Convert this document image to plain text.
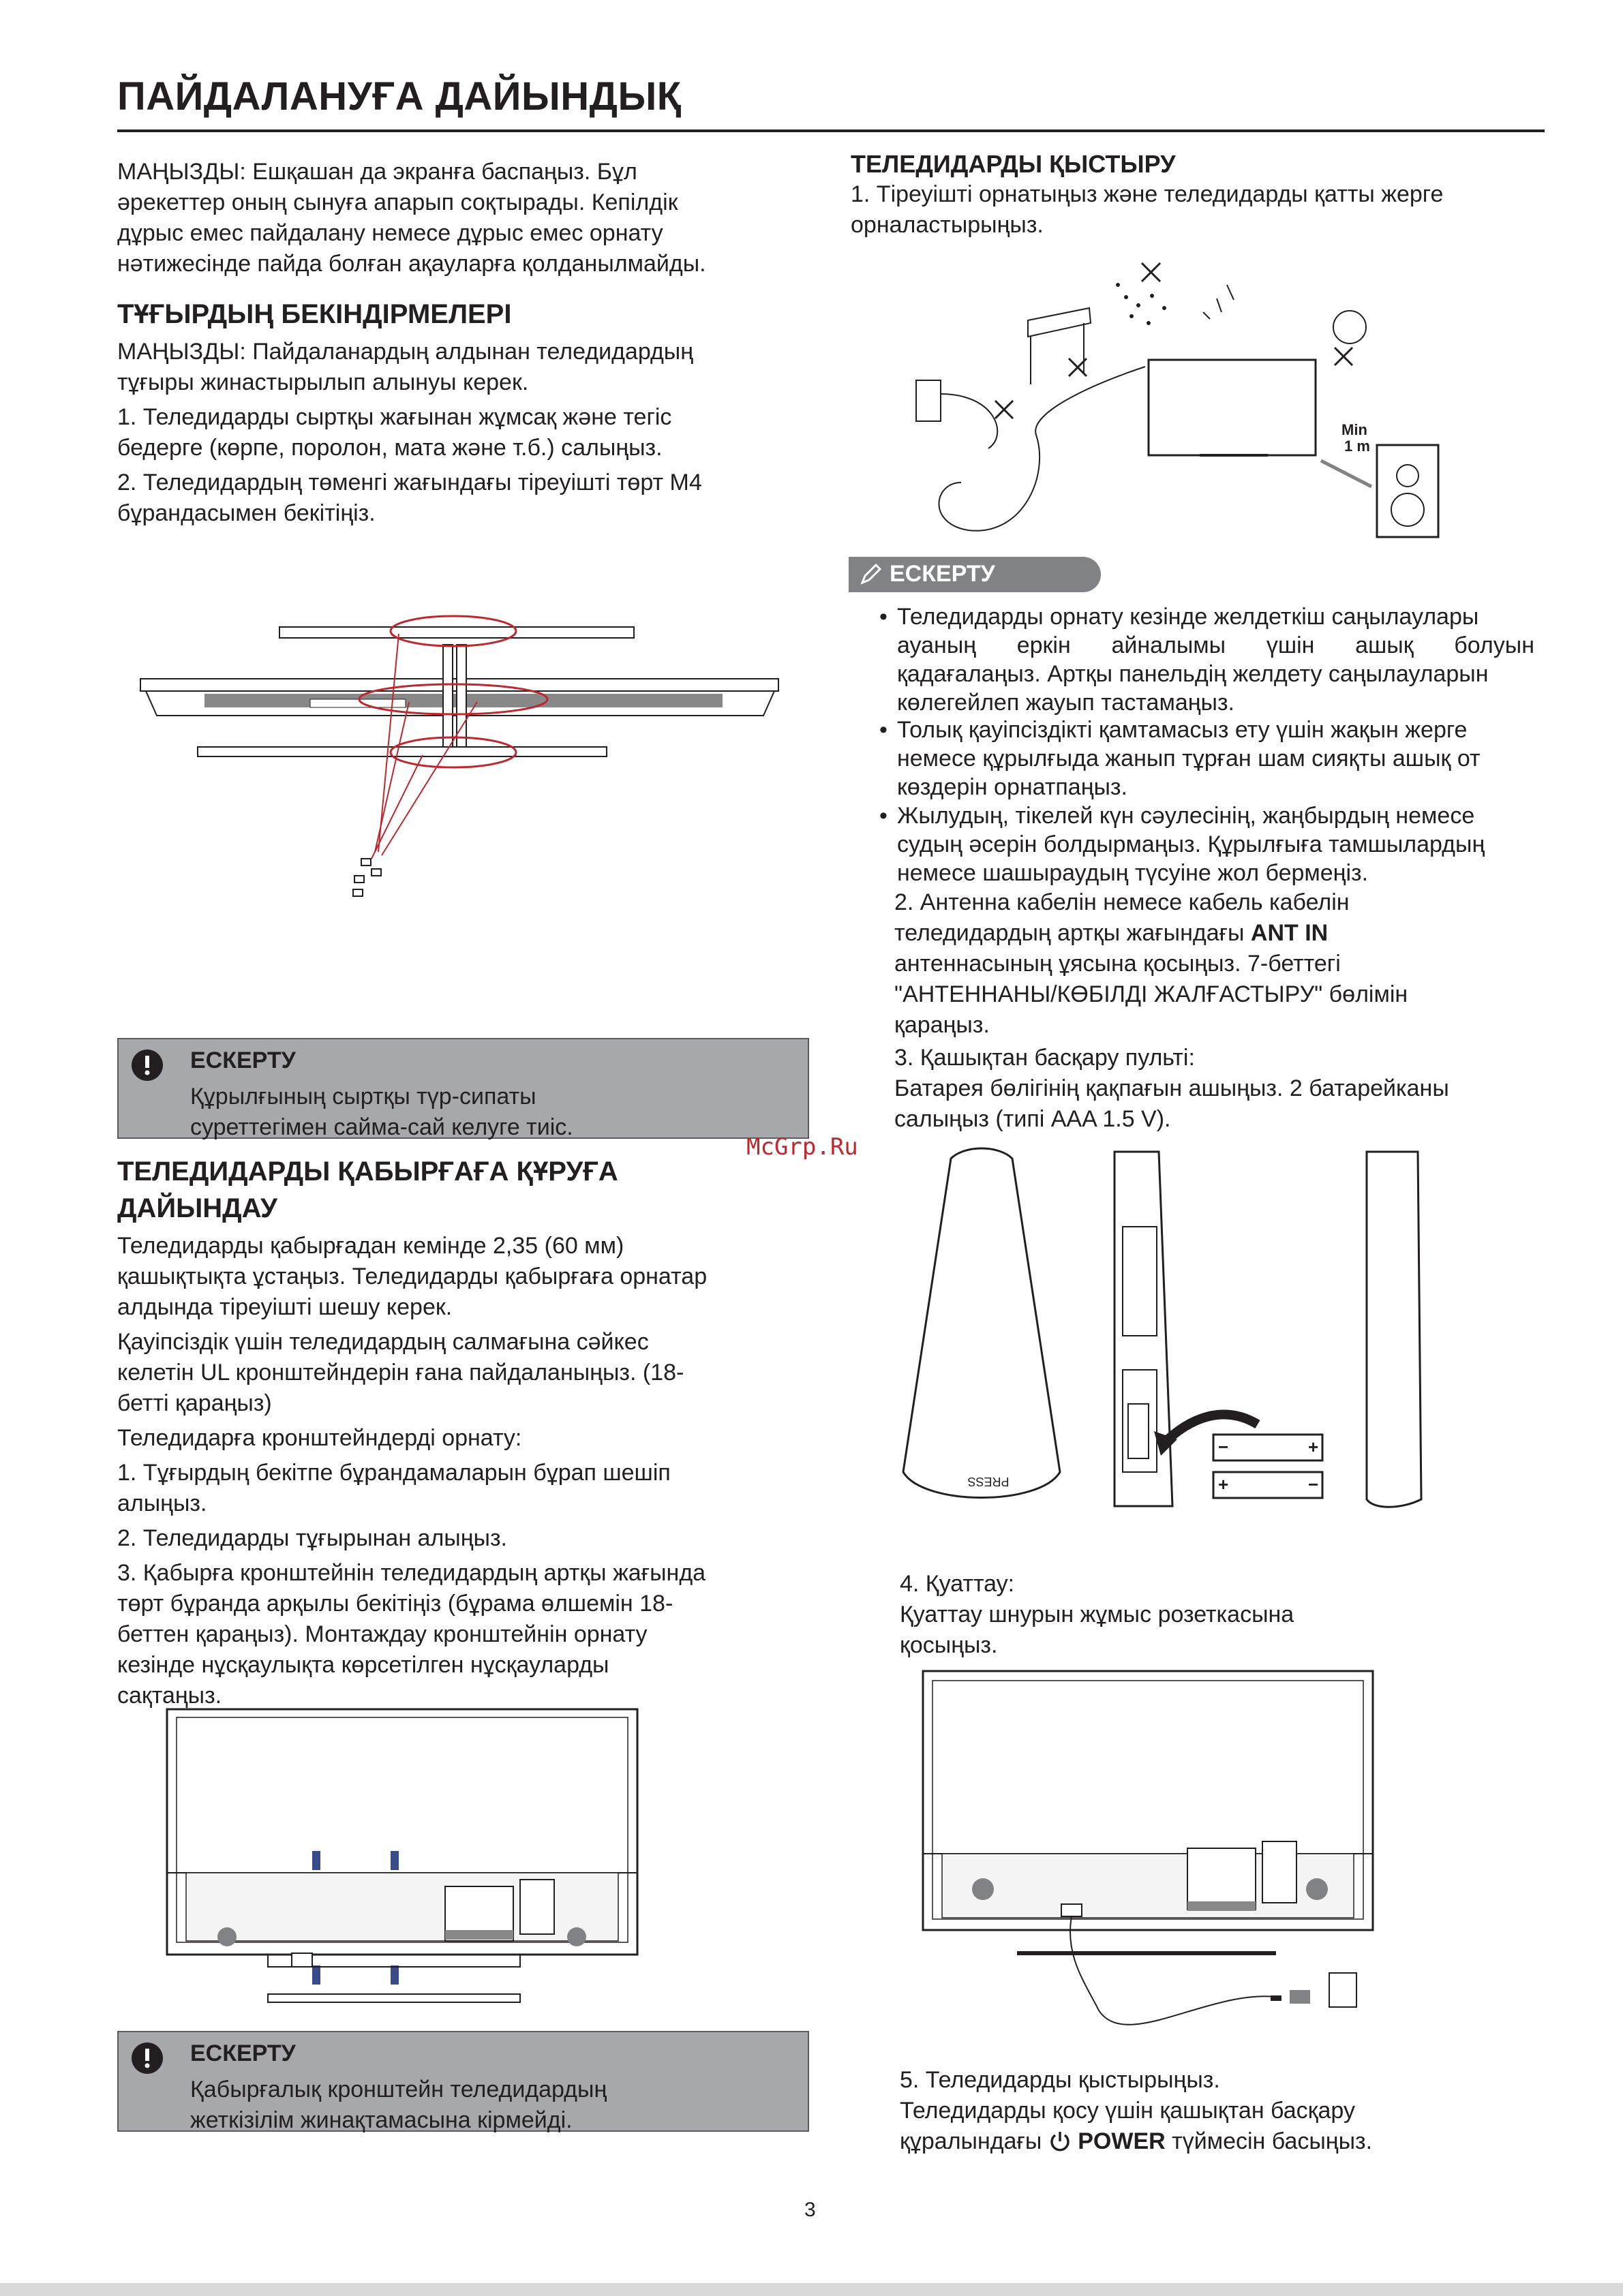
ПАЙДАЛАНУҒА ДАЙЫНДЫҚ
МАҢЫЗДЫ: Ешқашан да экранға баспаңыз. Бұл
әрекеттер оның сынуға апарып соқтырады. Кепілдік
дұрыс емес пайдалану немесе дұрыс емес орнату
нәтижесінде пайда болған ақауларға қолданылмайды.
ТҰҒЫРДЫҢ БЕКІНДІРМЕЛЕРІ
МАҢЫЗДЫ: Пайдаланардың алдынан теледидардың
тұғыры жинастырылып алынуы керек.
1. Теледидарды сыртқы жағынан жұмсақ және тегіс
бедерге (көрпе, поролон, мата және т.б.) салыңыз.
2. Теледидардың төменгі жағындағы тіреуішті төрт М4
бұрандасымен бекітіңіз.
ЕСКЕРТУ
Құрылғының сыртқы түр-сипаты
суреттегімен сайма-сай келуге тиіс.
ТЕЛЕДИДАРДЫ ҚАБЫРҒАҒА ҚҰРУҒА
ДАЙЫНДАУ
Теледидарды қабырғадан кемінде 2,35 (60 мм)
қашықтықта ұстаңыз. Теледидарды қабырғаға орнатар
алдында тіреуішті шешу керек.
Қауіпсіздік үшін теледидардың салмағына сәйкес
келетін UL кронштейндерін ғана пайдаланыңыз. (18-
бетті қараңыз)
Теледидарға кронштейндерді орнату:
1. Тұғырдың бекітпе бұрандамаларын бұрап шешіп
алыңыз.
2. Теледидарды тұғырынан алыңыз.
3. Қабырға кронштейнін теледидардың артқы жағында
төрт бұранда арқылы бекітіңіз (бұрама өлшемін 18-
беттен қараңыз). Монтаждау кронштейнін орнату
кезінде нұсқаулықта көрсетілген нұсқауларды
сақтаңыз.
ЕСКЕРТУ
Қабырғалық кронштейн теледидардың
жеткізілім жинақтамасына кірмейді.
ТЕЛЕДИДАРДЫ ҚЫСТЫРУ
1. Тіреуішті орнатыңыз және теледидарды қатты жерге
орналастырыңыз.
Min
1 m
ЕСКЕРТУ
• Теледидарды орнату кезінде желдеткіш саңылаулары
ауаның еркін айналымы үшін ашық болуын
қадағалаңыз. Артқы панельдің желдету саңылауларын
көлегейлеп жауып тастамаңыз.
• Толық қауіпсіздікті қамтамасыз ету үшін жақын жерге
немесе құрылғыда жанып тұрған шам сияқты ашық от
көздерін орнатпаңыз.
• Жылудың, тікелей күн сәулесінің, жаңбырдың немесе
судың әсерін болдырмаңыз. Құрылғыға тамшылардың
немесе шашыраудың түсуіне жол бермеңіз.
2. Антенна кабелін немесе кабель кабелін
теледидардың артқы жағындағы ANT IN
антеннасының ұясына қосыңыз. 7-беттегі
"АНТЕННАНЫ/КӨБІЛДІ ЖАЛҒАСТЫРУ" бөлімін
қараңыз.
3. Қашықтан басқару пульті:
Батарея бөлігінің қақпағын ашыңыз. 2 батарейканы
салыңыз (типі AAA 1.5 V).
McGrp.Ru
−	+
+	−
PRESS
4. Қуаттау:
Қуаттау шнурын жұмыс розеткасына
қосыңыз.
5. Теледидарды қыстырыңыз.
Теледидарды қосу үшін қашықтан басқару
құралындағы  POWER түймесін басыңыз.
3
